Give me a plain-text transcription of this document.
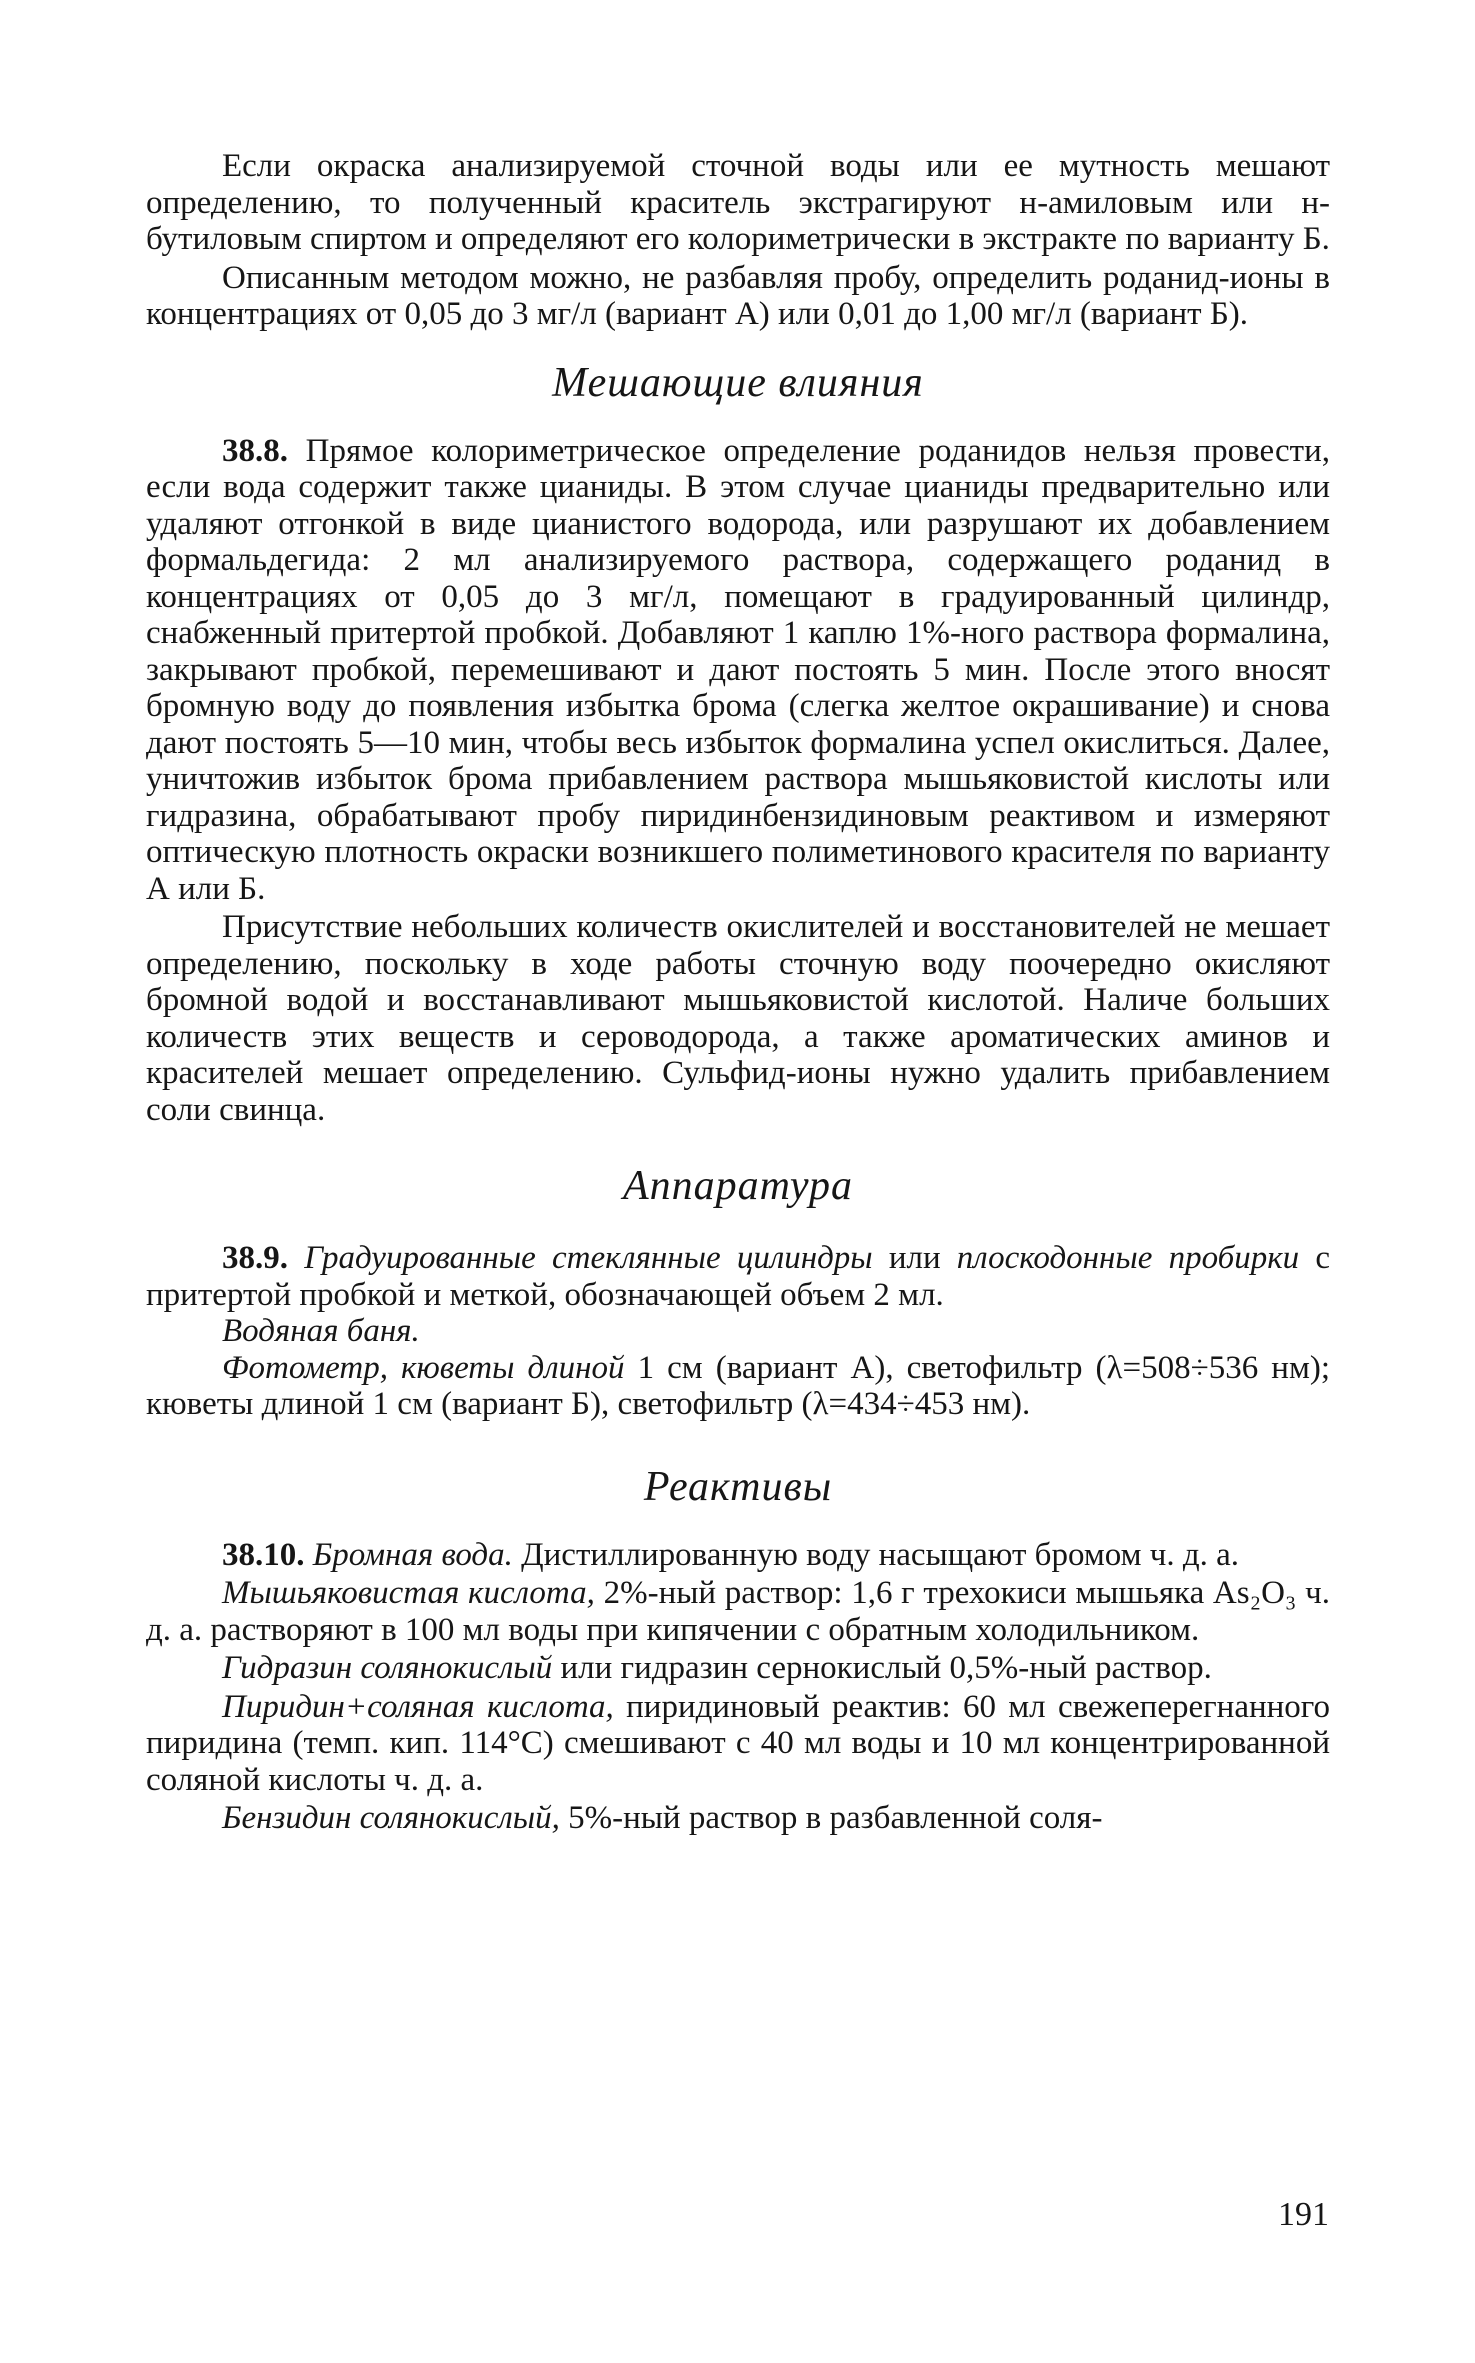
Если окраска анализируемой сточной воды или ее мутность мешают определению, то полученный краситель экстрагируют н-амиловым или н-бутиловым спиртом и определяют его колориметрически в экстракте по варианту Б.

Описанным методом можно, не разбавляя пробу, определить роданид-ионы в концентрациях от 0,05 до 3 мг/л (вариант А) или 0,01 до 1,00 мг/л (вариант Б).

Мешающие влияния

38.8. Прямое колориметрическое определение роданидов нельзя провести, если вода содержит также цианиды. В этом случае цианиды предварительно или удаляют отгонкой в виде цианистого водорода, или разрушают их добавлением формальдегида: 2 мл анализируемого раствора, содержащего роданид в концентрациях от 0,05 до 3 мг/л, помещают в градуированный цилиндр, снабженный притертой пробкой. Добавляют 1 каплю 1%-ного раствора формалина, закрывают пробкой, перемешивают и дают постоять 5 мин. После этого вносят бромную воду до появления избытка брома (слегка желтое окрашивание) и снова дают постоять 5—10 мин, чтобы весь избыток формалина успел окислиться. Далее, уничтожив избыток брома прибавлением раствора мышьяковистой кислоты или гидразина, обрабатывают пробу пиридинбензидиновым реактивом и измеряют оптическую плотность окраски возникшего полиметинового красителя по варианту А или Б.

Присутствие небольших количеств окислителей и восстановителей не мешает определению, поскольку в ходе работы сточную воду поочередно окисляют бромной водой и восстанавливают мышьяковистой кислотой. Наличе больших количеств этих веществ и сероводорода, а также ароматических аминов и красителей мешает определению. Сульфид-ионы нужно удалить прибавлением соли свинца.

Аппаратура

38.9. Градуированные стеклянные цилиндры или плоскодонные пробирки с притертой пробкой и меткой, обозначающей объем 2 мл.

Водяная баня.

Фотометр, кюветы длиной 1 см (вариант А), светофильтр (λ=508÷536 нм); кюветы длиной 1 см (вариант Б), светофильтр (λ=434÷453 нм).

Реактивы

38.10. Бромная вода. Дистиллированную воду насыщают бромом ч. д. а.

Мышьяковистая кислота, 2%-ный раствор: 1,6 г трехокиси мышьяка As₂O₃ ч. д. а. растворяют в 100 мл воды при кипячении с обратным холодильником.

Гидразин солянокислый или гидразин сернокислый 0,5%-ный раствор.

Пиридин+соляная кислота, пиридиновый реактив: 60 мл свежеперегнанного пиридина (темп. кип. 114°С) смешивают с 40 мл воды и 10 мл концентрированной соляной кислоты ч. д. а.

Бензидин солянокислый, 5%-ный раствор в разбавленной соля-

191
